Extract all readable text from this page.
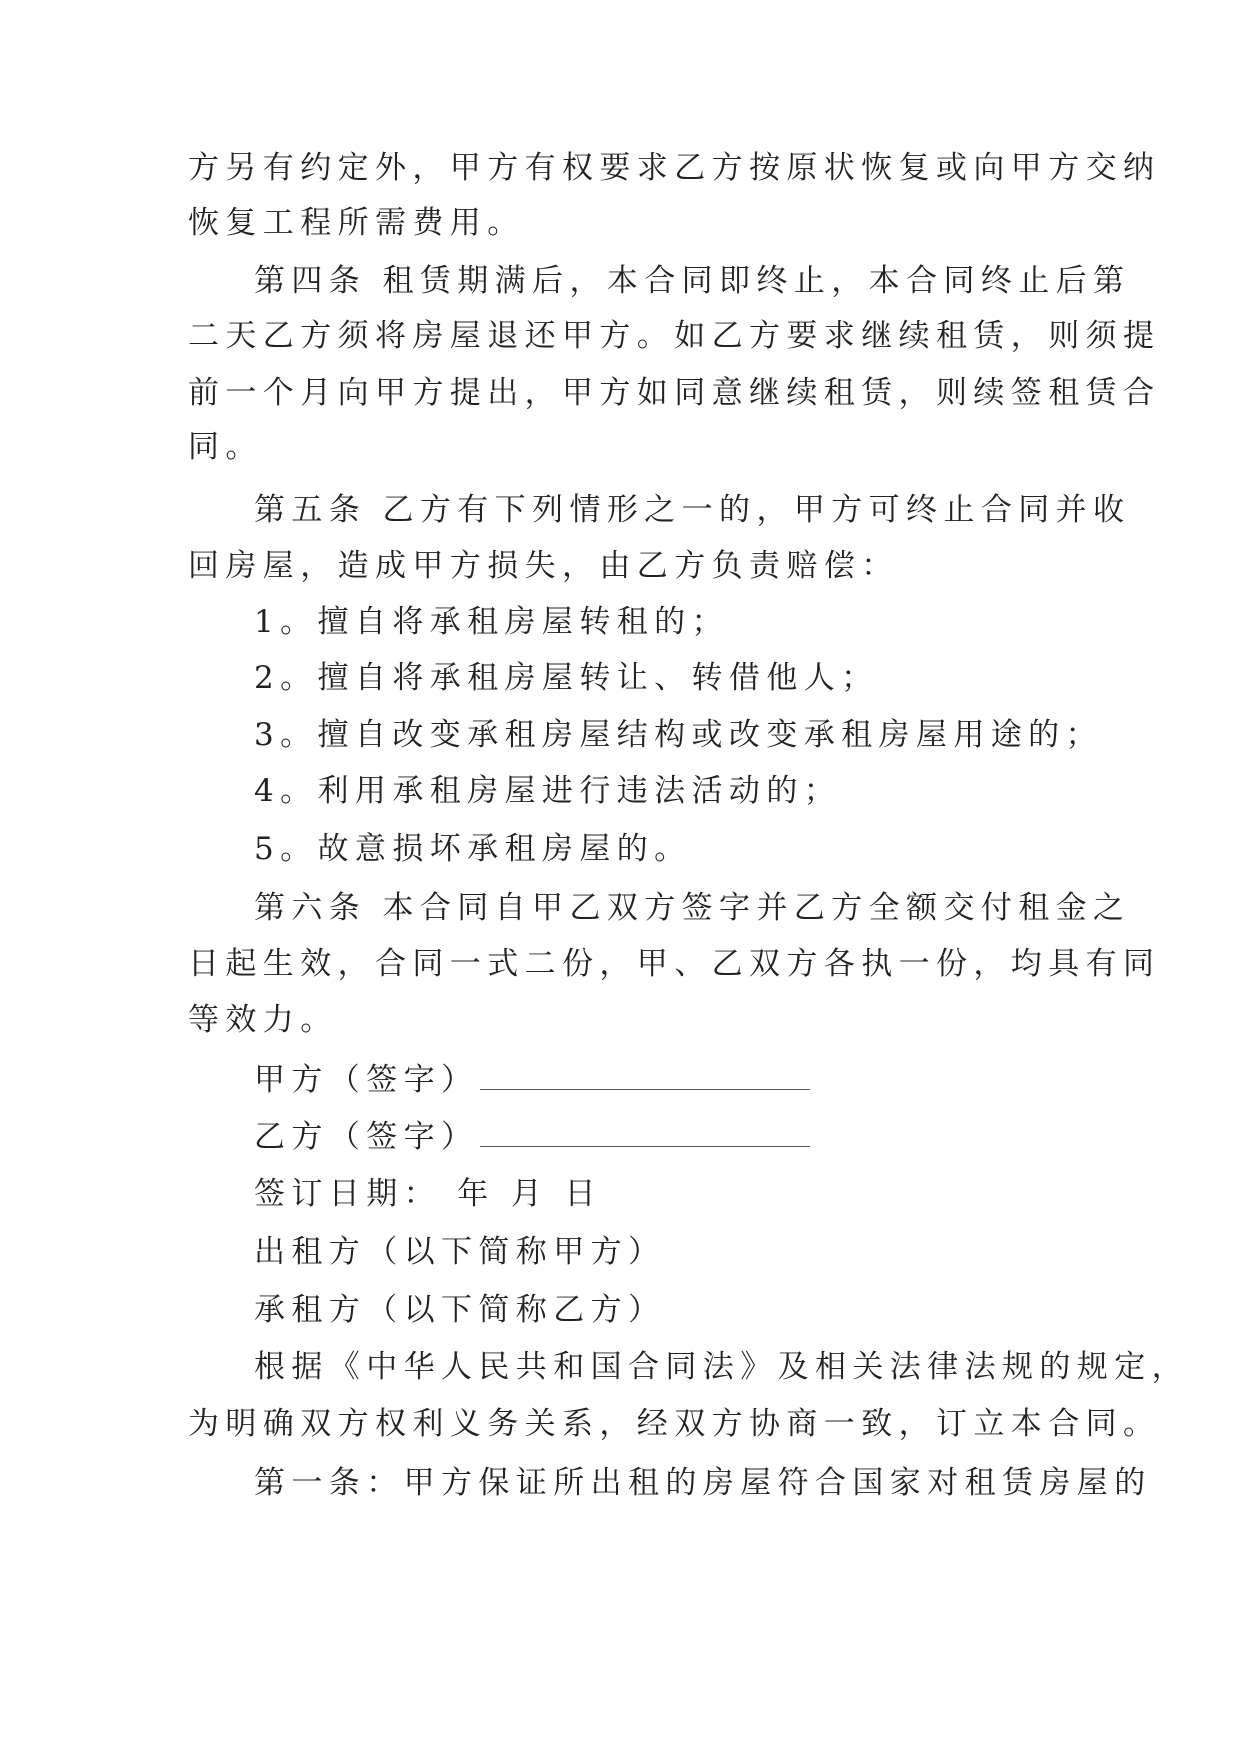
方另有约定外，甲方有权要求乙方按原状恢复或向甲方交纳
恢复工程所需费用。
第四条 租赁期满后，本合同即终止，本合同终止后第
二天乙方须将房屋退还甲方。如乙方要求继续租赁，则须提
前一个月向甲方提出，甲方如同意继续租赁，则续签租赁合
同。
第五条 乙方有下列情形之一的，甲方可终止合同并收
回房屋，造成甲方损失，由乙方负责赔偿：
1。擅自将承租房屋转租的；
2。擅自将承租房屋转让、转借他人；
3。擅自改变承租房屋结构或改变承租房屋用途的；
4。利用承租房屋进行违法活动的；
5。故意损坏承租房屋的。
第六条 本合同自甲乙双方签字并乙方全额交付租金之
日起生效，合同一式二份，甲、乙双方各执一份，均具有同
等效力。
甲方（签字）
乙方（签字）
签订日期： 年 月 日
出租方（以下简称甲方）
承租方（以下简称乙方）
根据《中华人民共和国合同法》及相关法律法规的规定，
为明确双方权利义务关系，经双方协商一致，订立本合同。
第一条：甲方保证所出租的房屋符合国家对租赁房屋的
